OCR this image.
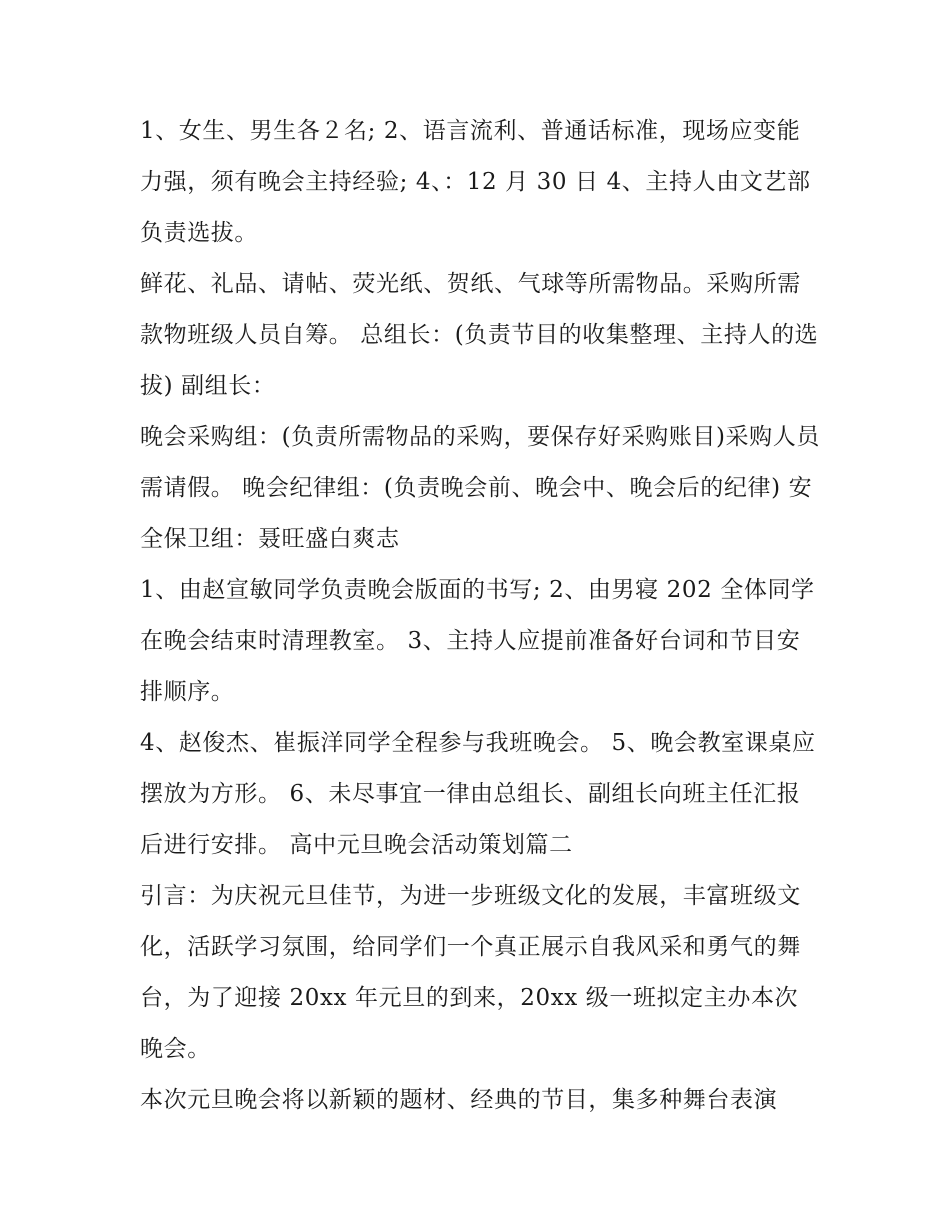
1、女生、男生各２名; 2、语言流利、普通话标准，现场应变能力强，须有晚会主持经验; 4、：12 月 30 日 4、主持人由文艺部负责选拔。

鲜花、礼品、请帖、荧光纸、贺纸、气球等所需物品。采购所需款物班级人员自筹。 总组长：(负责节目的收集整理、主持人的选拔) 副组长：

晚会采购组：(负责所需物品的采购，要保存好采购账目)采购人员需请假。 晚会纪律组：(负责晚会前、晚会中、晚会后的纪律) 安全保卫组：聂旺盛白爽志

1、由赵宣敏同学负责晚会版面的书写; 2、由男寝 202 全体同学在晚会结束时清理教室。 3、主持人应提前准备好台词和节目安排顺序。

4、赵俊杰、崔振洋同学全程参与我班晚会。 5、晚会教室课桌应摆放为方形。 6、未尽事宜一律由总组长、副组长向班主任汇报后进行安排。 高中元旦晚会活动策划篇二

引言：为庆祝元旦佳节，为进一步班级文化的发展，丰富班级文化，活跃学习氛围，给同学们一个真正展示自我风采和勇气的舞台，为了迎接 20xx 年元旦的到来，20xx 级一班拟定主办本次晚会。

本次元旦晚会将以新颖的题材、经典的节目，集多种舞台表演
